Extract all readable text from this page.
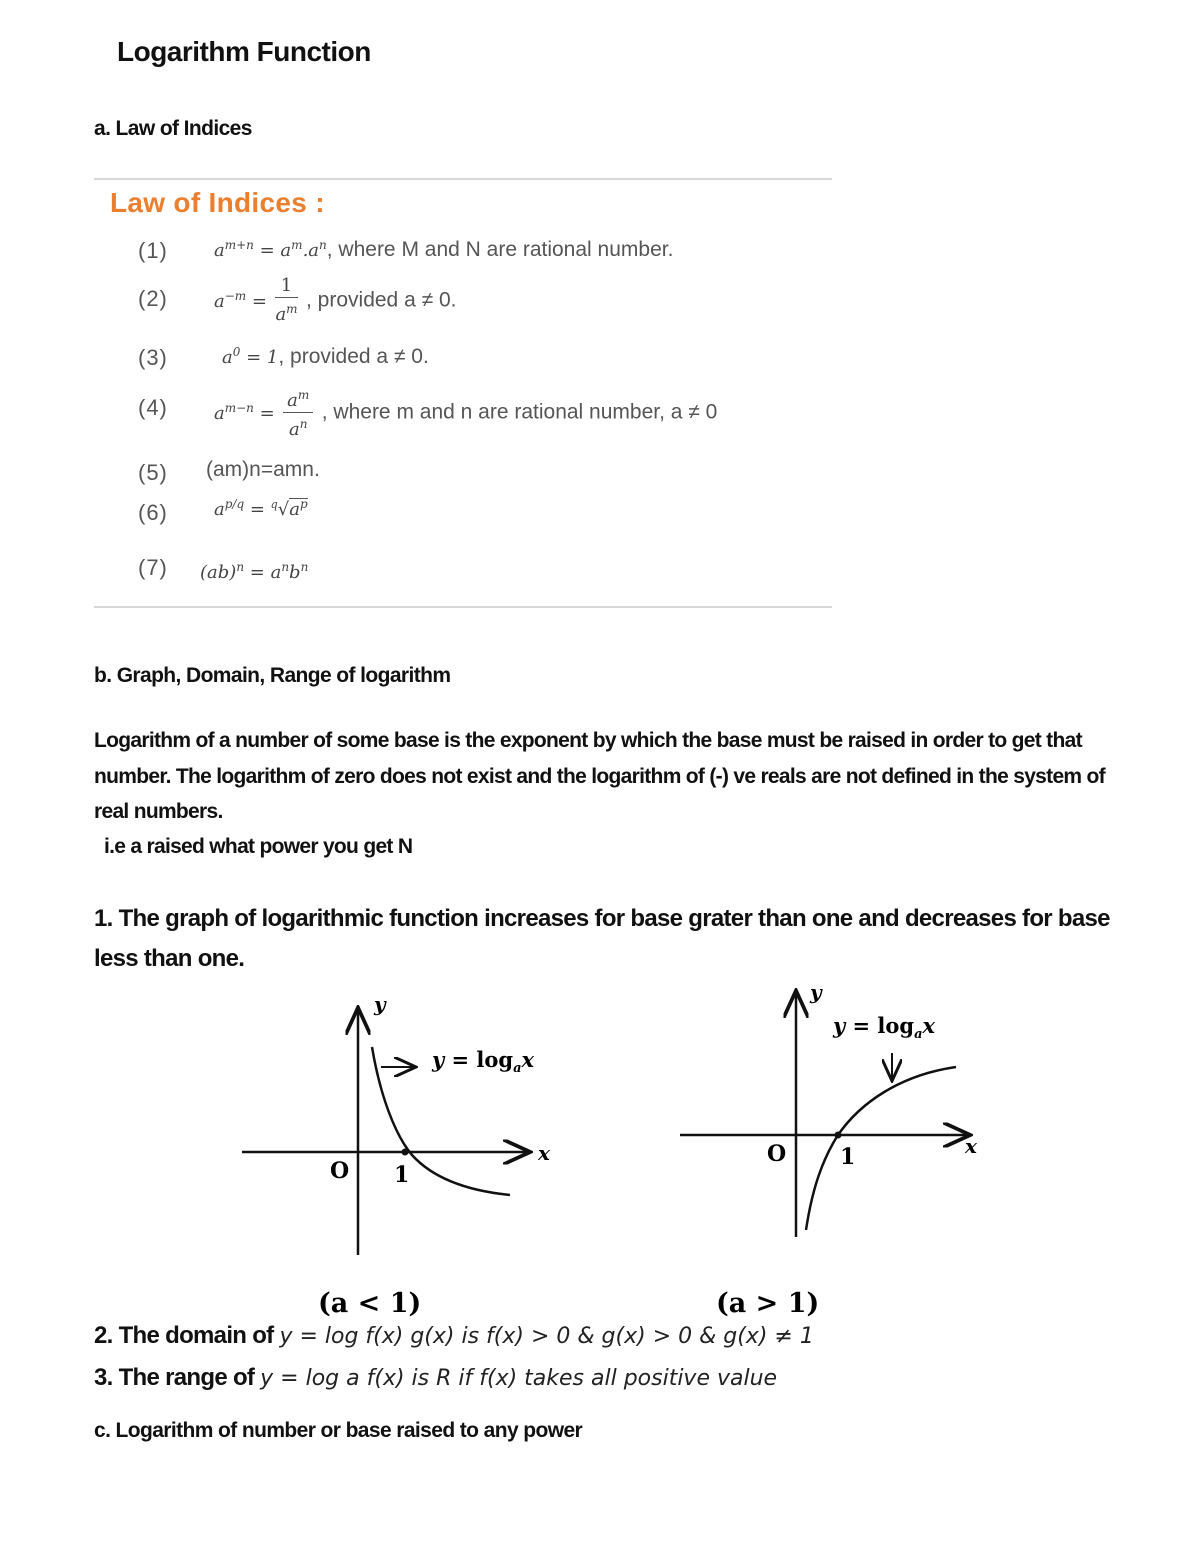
Logarithm Function
a. Law of Indices
Law of Indices :
(1)	$a^{m+n} = a^m.a^n$, where M and N are rational number.
(2)	$a^{-m} = \frac{1}{a^m}$ , provided a ≠ 0.
(3)	$a^0 = 1$, provided a ≠ 0.
(4)	$a^{m-n} = \frac{a^m}{a^n}$ , where m and n are rational number, a ≠ 0
(5) (am)n=amn.
(6)	$a^{p/q} = ^q√a^p$
(7) $(ab)^n = a^nb^n$
b. Graph, Domain, Range of logarithm
Logarithm of a number of some base is the exponent by which the base must be raised in order to get that number. The logarithm of zero does not exist and the logarithm of (-) ve reals are not defined in the system of real numbers.
i.e a raised what power you get N
1. The graph of logarithmic function increases for base grater than one and decreases for base less than one.
y
x
O 1
$y = \log_ax$
(a < 1)
y
x
O 1
$y = \log_ax$
(a > 1)
2. The domain of y = log f(x) g(x) is f(x) > 0 & g(x) > 0 & g(x) ≠ 1
3. The range of y = log a f(x) is R if f(x) takes all positive value
c. Logarithm of number or base raised to any power
